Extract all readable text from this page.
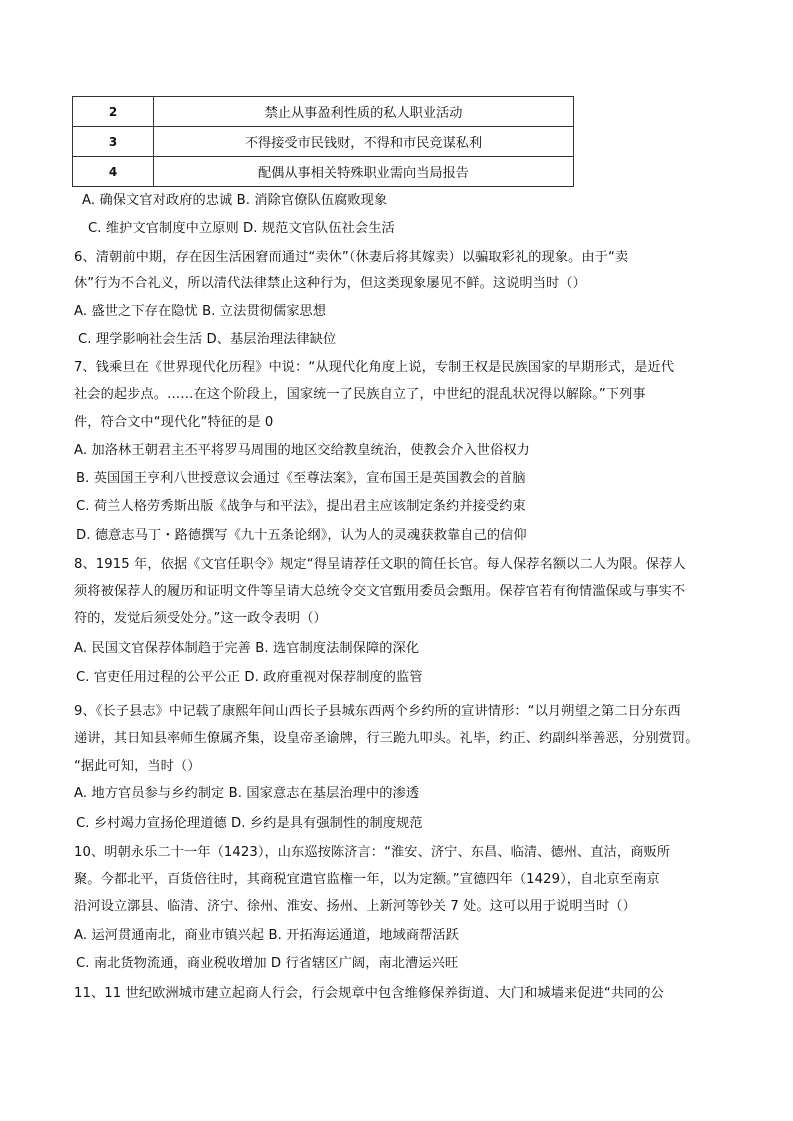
2	禁止从事盈利性质的私人职业活动
3	不得接受市民钱财，不得和市民竞谋私利
4	配偶从事相关特殊职业需向当局报告
A. 确保文官对政府的忠诚 B. 消除官僚队伍腐败现象
C. 维护文官制度中立原则 D. 规范文官队伍社会生活
6、清朝前中期，存在因生活困窘而通过“卖休”（休妻后将其嫁卖）以骗取彩礼的现象。由于“卖
休”行为不合礼义，所以清代法律禁止这种行为，但这类现象屡见不鲜。这说明当时（）
A. 盛世之下存在隐忧 B. 立法贯彻儒家思想
C. 理学影响社会生活 D、基层治理法律缺位
7、钱乘旦在《世界现代化历程》中说：“从现代化角度上说，专制王权是民族国家的早期形式，是近代
社会的起步点。……在这个阶段上，国家统一了民族自立了，中世纪的混乱状况得以解除。”下列事
件，符合文中“现代化”特征的是 0
A. 加洛林王朝君主丕平将罗马周围的地区交给教皇统治，使教会介入世俗权力
B. 英国国王亨利八世授意议会通过《至尊法案》，宣布国王是英国教会的首脑
C. 荷兰人格劳秀斯出版《战争与和平法》，提出君主应该制定条约并接受约束
D. 德意志马丁・路德撰写《九十五条论纲》，认为人的灵魂获救靠自己的信仰
8、1915 年，依据《文官任职令》规定“得呈请荐任文职的简任长官。每人保荐名额以二人为限。保荐人
须将被保荐人的履历和证明文件等呈请大总统令交文官甄用委员会甄用。保荐官若有徇情滥保或与事实不
符的，发觉后须受处分。”这一政令表明（）
A. 民国文官保荐体制趋于完善 B. 选官制度法制保障的深化
C. 官吏任用过程的公平公正 D. 政府重视对保荐制度的监管
9、《长子县志》中记载了康熙年间山西长子县城东西两个乡约所的宣讲情形：“以月朔望之第二日分东西
递讲，其日知县率师生僚属齐集，设皇帝圣谕牌，行三跪九叩头。礼毕，约正、约副纠举善恶，分别赏罚。
“据此可知，当时（）
A. 地方官员参与乡约制定 B. 国家意志在基层治理中的渗透
C. 乡村竭力宣扬伦理道德 D. 乡约是具有强制性的制度规范
10、明朝永乐二十一年（1423），山东巡按陈济言：“淮安、济宁、东昌、临清、德州、直沽，商贩所
聚。今都北平，百货倍往时，其商税宜遣官监権一年，以为定额。”宣德四年（1429），自北京至南京
沿河设立漷县、临清、济宁、徐州、淮安、扬州、上新河等钞关 7 处。这可以用于说明当时（）
A. 运河贯通南北，商业市镇兴起 B. 开拓海运通道，地域商帮活跃
C. 南北货物流通，商业税收增加 D 行省辖区广阔，南北漕运兴旺
11、11 世纪欧洲城市建立起商人行会，行会规章中包含维修保养街道、大门和城墙来促进“共同的公
